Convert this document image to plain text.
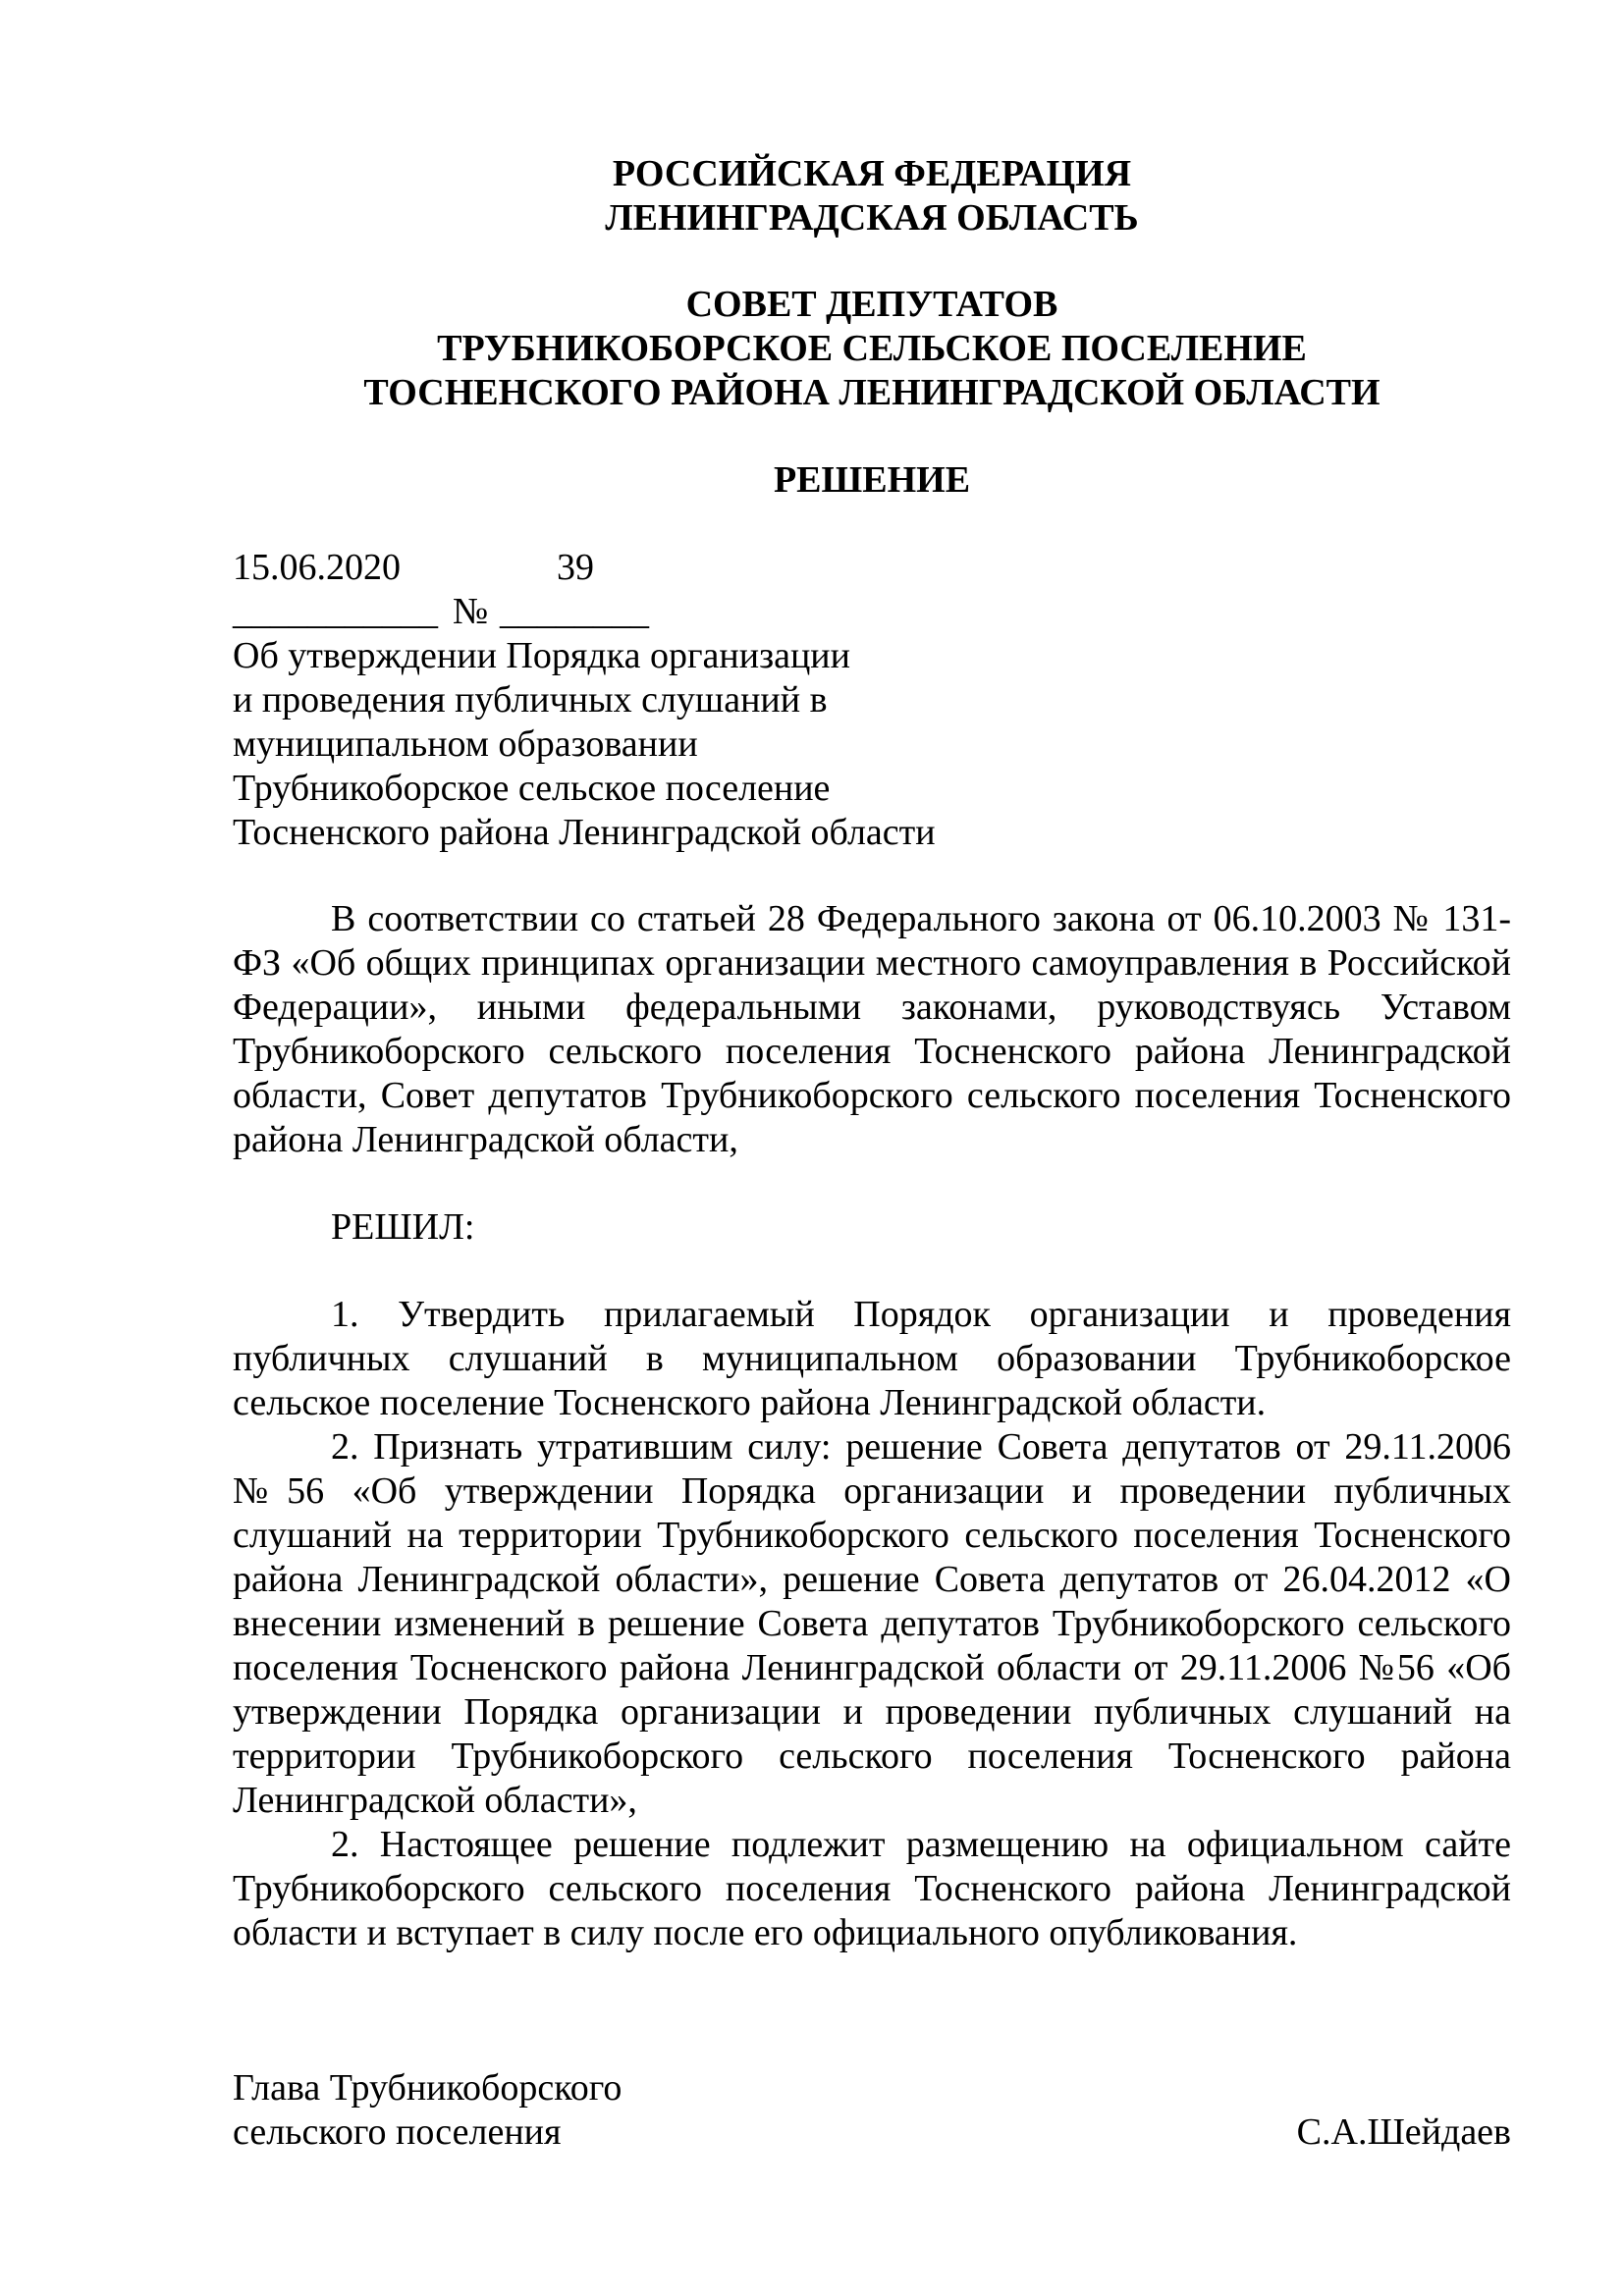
РОССИЙСКАЯ ФЕДЕРАЦИЯ
ЛЕНИНГРАДСКАЯ ОБЛАСТЬ
СОВЕТ ДЕПУТАТОВ
ТРУБНИКОБОРСКОЕ СЕЛЬСКОЕ ПОСЕЛЕНИЕ
ТОСНЕНСКОГО РАЙОНА ЛЕНИНГРАДСКОЙ ОБЛАСТИ
РЕШЕНИЕ
15.06.2020	39
___________ № ________
Об утверждении Порядка организации
и проведения публичных слушаний в
муниципальном образовании
Трубникоборское сельское поселение
Тосненского района Ленинградской области

В соответствии со статьей 28 Федерального закона от 06.10.2003 № 131-ФЗ «Об общих принципах организации местного самоуправления в Российской Федерации», иными федеральными законами, руководствуясь Уставом Трубникоборского сельского поселения Тосненского района Ленинградской области, Совет депутатов Трубникоборского сельского поселения Тосненского района Ленинградской области,

РЕШИЛ:

1. Утвердить прилагаемый Порядок организации и проведения публичных слушаний в муниципальном образовании Трубникоборское сельское поселение Тосненского района Ленинградской области.

2. Признать утратившим силу: решение Совета депутатов от 29.11.2006 №56 «Об утверждении Порядка организации и проведении публичных слушаний на территории Трубникоборского сельского поселения Тосненского района Ленинградской области», решение Совета депутатов от 26.04.2012 «О внесении изменений в решение Совета депутатов Трубникоборского сельского поселения Тосненского района Ленинградской области от 29.11.2006 №56 «Об утверждении Порядка организации и проведении публичных слушаний на территории Трубникоборского сельского поселения Тосненского района Ленинградской области»,

2. Настоящее решение подлежит размещению на официальном сайте Трубникоборского сельского поселения Тосненского района Ленинградской области и вступает в силу после его официального опубликования.

Глава Трубникоборского
сельского поселения	С.А.Шейдаев
